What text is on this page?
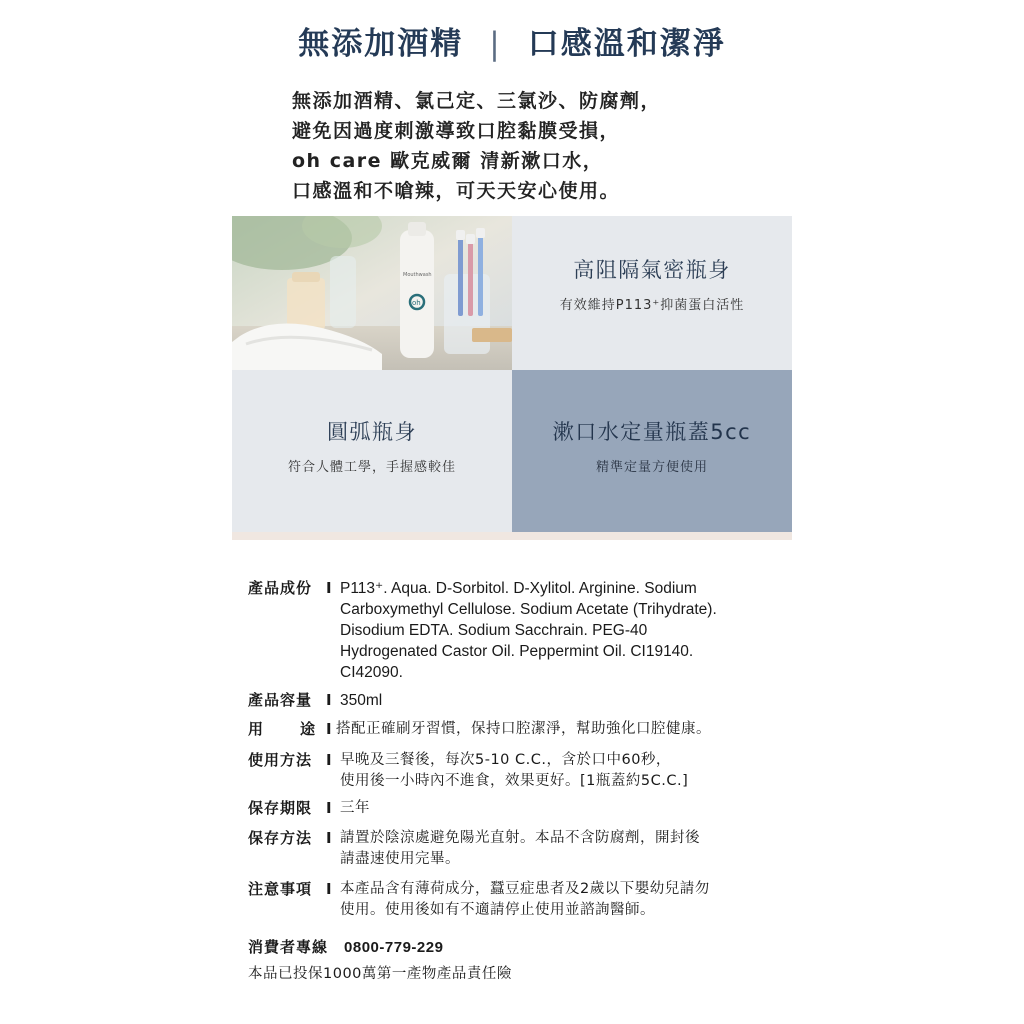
無添加酒精 | 口感溫和潔淨
無添加酒精、氯己定、三氯沙、防腐劑，
避免因過度刺激導致口腔黏膜受損，
oh care 歐克威爾 清新漱口水，
口感溫和不嗆辣，可天天安心使用。
Mouthwash
oh
高阻隔氣密瓶身
有效維持P113⁺抑菌蛋白活性
圓弧瓶身
符合人體工學，手握感較佳
漱口水定量瓶蓋5cc
精準定量方便使用
產品成份 I P113⁺. Aqua. D-Sorbitol. D-Xylitol. Arginine. Sodium
Carboxymethyl Cellulose. Sodium Acetate (Trihydrate).
Disodium EDTA. Sodium Sacchrain. PEG-40
Hydrogenated Castor Oil. Peppermint Oil. CI19140.
CI42090.
產品容量 I 350ml
用 途 I 搭配正確刷牙習慣，保持口腔潔淨，幫助強化口腔健康。
使用方法 I 早晚及三餐後，每次5-10 C.C.，含於口中60秒，
使用後一小時內不進食，效果更好。[1瓶蓋約5C.C.]
保存期限 I 三年
保存方法 I 請置於陰涼處避免陽光直射。本品不含防腐劑，開封後
請盡速使用完畢。
注意事項 I 本產品含有薄荷成分，蠶豆症患者及2歲以下嬰幼兒請勿
使用。使用後如有不適請停止使用並諮詢醫師。
消費者專線 0800-779-229
本品已投保1000萬第一產物產品責任險
